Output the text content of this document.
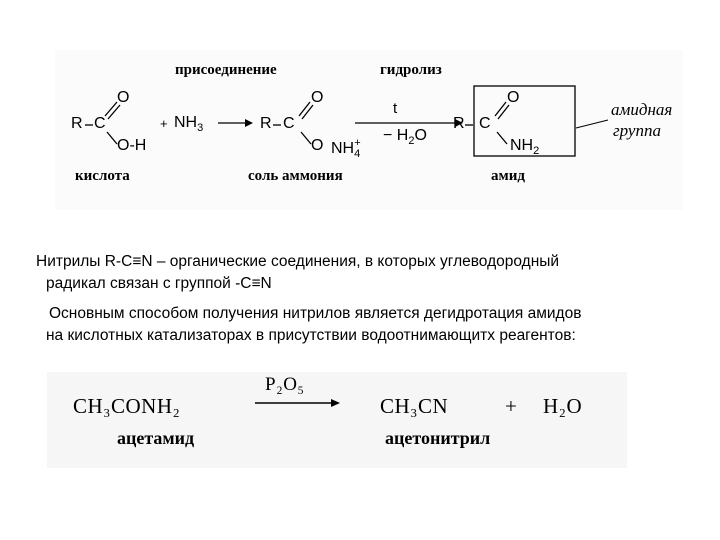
присоединение	гидролиз
R C
O
O-H
+ $NH_3$
кислота
R C
O
O $NH_4^+$
соль аммония
t
− $H_2O$
R C
O
$NH_2$
амид
амидная
группа
Нитрилы R-C≡N – органические соединения, в которых углеводородный
радикал связан с группой -C≡N
Основным способом получения нитрилов является дегидротация амидов
на кислотных катализаторах в присутствии водоотнимающитх реагентов:
CH₃CONH₂
P₂O₅
CH₃CN	+ H₂O
ацетамид	ацетонитрил
